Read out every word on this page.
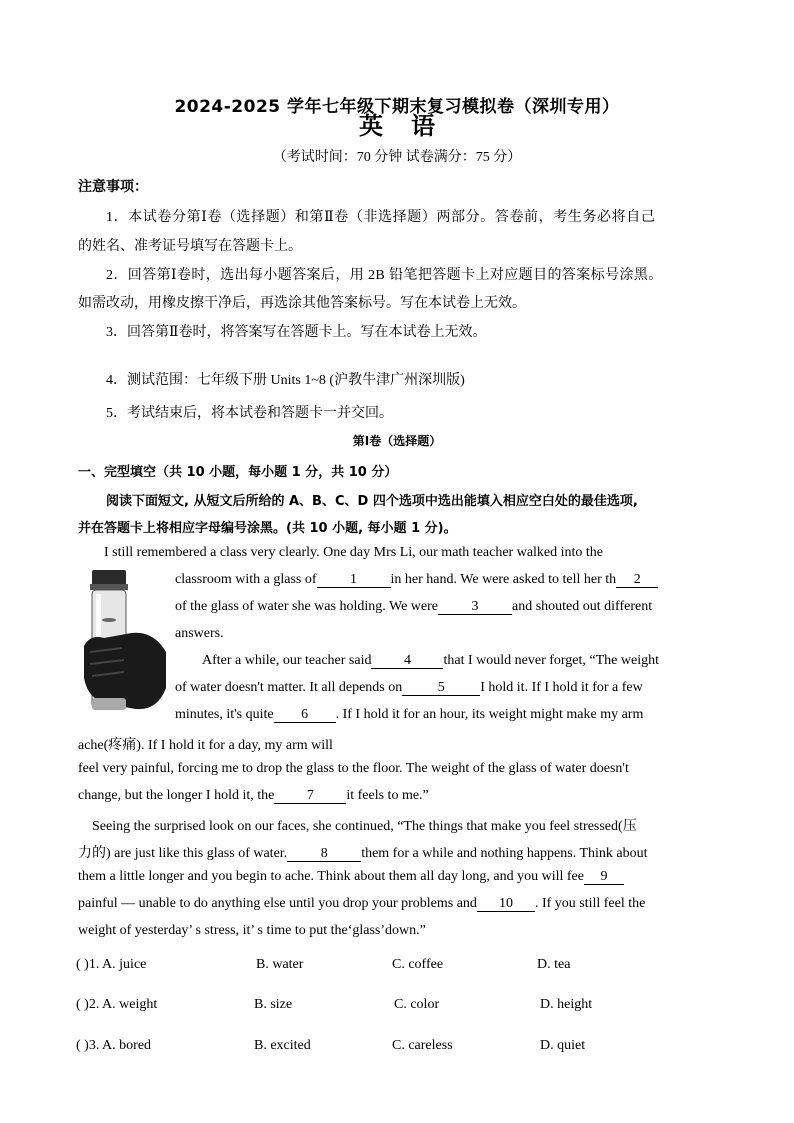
2024-2025 学年七年级下期末复习模拟卷（深圳专用）
英语
（考试时间：70 分钟 试卷满分：75 分）
注意事项：
1．本试卷分第Ⅰ卷（选择题）和第Ⅱ卷（非选择题）两部分。答卷前，考生务必将自己
的姓名、准考证号填写在答题卡上。
2．回答第Ⅰ卷时，选出每小题答案后，用 2B 铅笔把答题卡上对应题目的答案标号涂黑。
如需改动，用橡皮擦干净后，再选涂其他答案标号。写在本试卷上无效。
3．回答第Ⅱ卷时，将答案写在答题卡上。写在本试卷上无效。
4．测试范围：七年级下册 Units 1~8 (沪教牛津广州深圳版)
5．考试结束后，将本试卷和答题卡一并交回。
第Ⅰ卷（选择题）
一、完型填空（共 10 小题，每小题 1 分，共 10 分）
阅读下面短文, 从短文后所给的 A、B、C、D 四个选项中选出能填入相应空白处的最佳选项,
并在答题卡上将相应字母编号涂黑。(共 10 小题, 每小题 1 分)。
I still remembered a class very clearly. One day Mrs Li, our math teacher walked into the
classroom with a glass of 1 in her hand. We were asked to tell her th 2
of the glass of water she was holding. We were 3 and shouted out different
answers.
After a while, our teacher said 4 that I would never forget, “The weight
of water doesn't matter. It all depends on	5	I hold it. If I hold it for a few
minutes, it's quite 6 . If I hold it for an hour, its weight might make my arm
ache(疼痛). If I hold it for a day, my arm will
feel very painful, forcing me to drop the glass to the floor. The weight of the glass of water doesn't
change, but the longer I hold it, the 7 it feels to me.”
Seeing the surprised look on our faces, she continued, “The things that make you feel stressed(压
力的) are just like this glass of water. 8 them for a while and nothing happens. Think about
them a little longer and you begin to ache. Think about them all day long, and you will fee 9
painful — unable to do anything else until you drop your problems and 10 . If you still feel the
weight of yesterday’ s stress, it’ s time to put the‘glass’down.”
( )1. A. juice	B. water	C. coffee	D. tea
( )2. A. weight	B. size	C. color	D. height
( )3. A. bored	B. excited	C. careless	D. quiet
